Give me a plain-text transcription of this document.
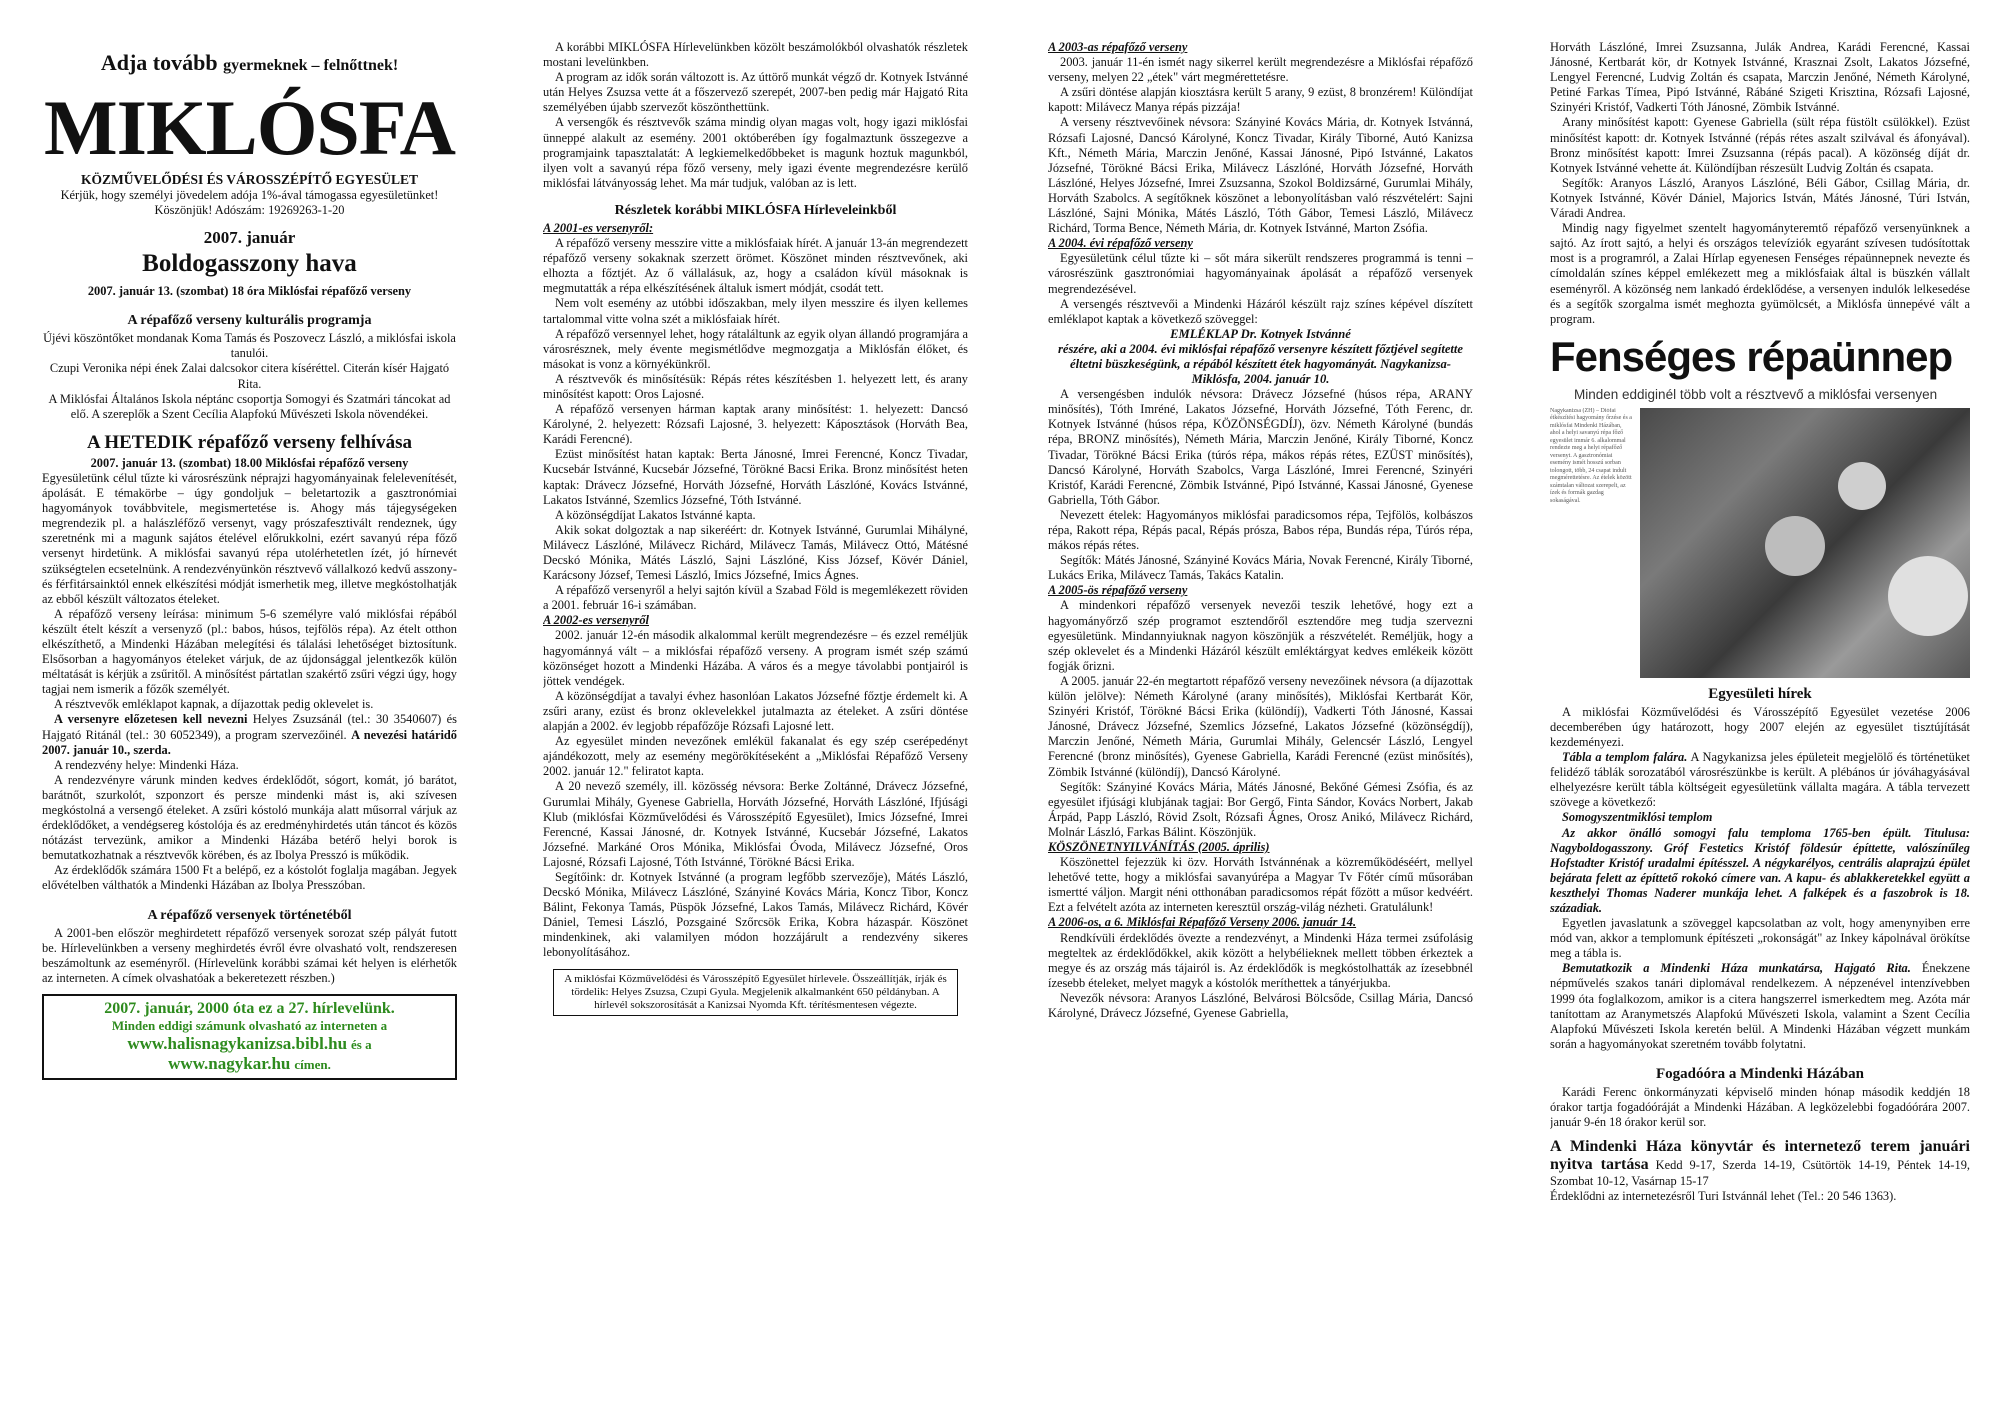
Adja tovább gyermeknek – felnőttnek!
MIKLÓSFA
KÖZMŰVELŐDÉSI ÉS VÁROSSZÉPÍTŐ EGYESÜLET

Kérjük, hogy személyi jövedelem adója 1%-ával támogassa egyesületünket! Köszönjük! Adószám: 19269263-1-20

2007. január
Boldogasszony hava

2007. január 13. (szombat) 18 óra Miklósfai répafőző verseny

A répafőző verseny kulturális programja

Újévi köszöntőket mondanak Koma Tamás és Poszovecz László, a miklósfai iskola tanulói.

Czupi Veronika népi ének Zalai dalcsokor citera kíséréttel. Citerán kísér Hajgató Rita.

A Miklósfai Általános Iskola néptánc csoportja Somogyi és Szatmári táncokat ad elő. A szereplők a Szent Cecília Alapfokú Művészeti Iskola növendékei.

A HETEDIK répafőző verseny felhívása

2007. január 13. (szombat) 18.00 Miklósfai répafőző verseny

Egyesületünk célul tűzte ki városrészünk néprajzi hagyományainak felelevenítését, ápolását. E témakörbe – úgy gondoljuk – beletartozik a gasztronómiai hagyományok továbbvitele, megismertetése is. Ahogy más tájegységeken megrendezik pl. a halászléfőző versenyt, vagy prószafesztivált rendeznek, úgy szeretnénk mi a magunk sajátos ételével előrukkolni, ezért savanyú répa főző versenyt hirdetünk. A miklósfai savanyú répa utolérhetetlen ízét, jó hírnevét szükségtelen ecsetelnünk. A rendezvényünkön résztvevő vállalkozó kedvű asszony- és férfitársainktól ennek elkészítési módját ismerhetik meg, illetve megkóstolhatják az ebből készült változatos ételeket.

A répafőző verseny leírása: minimum 5-6 személyre való miklósfai répából készült ételt készít a versenyző (pl.: babos, húsos, tejfölös répa). Az ételt otthon elkészíthető, a Mindenki Házában melegítési és tálalási lehetőséget biztosítunk. Elsősorban a hagyományos ételeket várjuk, de az újdonsággal jelentkezők külön méltatását is kérjük a zsűritől. A minősítést pártatlan szakértő zsűri végzi úgy, hogy tagjai nem ismerik a főzők személyét.

A résztvevők emléklapot kapnak, a díjazottak pedig oklevelet is.

A versenyre előzetesen kell nevezni Helyes Zsuzsánál (tel.: 30 3540607) és Hajgató Ritánál (tel.: 30 6052349), a program szervezőinél. A nevezési határidő 2007. január 10., szerda.

A rendezvény helye: Mindenki Háza.

A rendezvényre várunk minden kedves érdeklődőt, sógort, komát, jó barátot, barátnőt, szurkolót, szponzort és persze mindenki mást is, aki szívesen megkóstolná a versengő ételeket. A zsűri kóstoló munkája alatt műsorral várjuk az érdeklődőket, a vendégsereg kóstolója és az eredményhirdetés után táncot és közös nótázást tervezünk, amikor a Mindenki Házába betérő helyi borok is bemutatkozhatnak a résztvevők körében, és az Ibolya Presszó is működik.

Az érdeklődők számára 1500 Ft a belépő, ez a kóstolót foglalja magában. Jegyek elővételben válthatók a Mindenki Házában az Ibolya Presszóban.

A répafőző versenyek történetéből

A 2001-ben először meghirdetett répafőző versenyek sorozat szép pályát futott be. Hírlevelünkben a verseny meghirdetés évről évre olvasható volt, rendszeresen beszámoltunk az eseményről. (Hírlevelünk korábbi számai két helyen is elérhetők az interneten. A címek olvashatóak a bekeretezett részben.)

2007. január, 2000 óta ez a 27. hírlevelünk.
Minden eddigi számunk olvasható az interneten a
www.halisnagykanizsa.bibl.hu és a
www.nagykar.hu címen.

A korábbi MIKLÓSFA Hírlevelünkben közölt beszámolókból olvashatók részletek mostani levelünkben.

A program az idők során változott is. Az úttörő munkát végző dr. Kotnyek Istvánné után Helyes Zsuzsa vette át a főszervező szerepét, 2007-ben pedig már Hajgató Rita személyében újabb szervezőt köszönthettünk.

A versengők és résztvevők száma mindig olyan magas volt, hogy igazi miklósfai ünneppé alakult az esemény. 2001 októberében így fogalmaztunk összegezve a programjaink tapasztalatát: A legkiemelkedőbbeket is magunk hoztuk magunkból, ilyen volt a savanyú répa főző verseny, mely igazi évente megrendezésre kerülő miklósfai látványosság lehet. Ma már tudjuk, valóban az is lett.

Részletek korábbi MIKLÓSFA Hírleveleinkből
A 2001-es versenyről:

A répafőző verseny messzire vitte a miklósfaiak hírét. A január 13-án megrendezett répafőző verseny sokaknak szerzett örömet. Köszönet minden résztvevőnek, aki elhozta a főztjét. Az ő vállalásuk, az, hogy a családon kívül másoknak is megmutatták a répa elkészítésének általuk ismert módját, csodát tett.

Nem volt esemény az utóbbi időszakban, mely ilyen messzire és ilyen kellemes tartalommal vitte volna szét a miklósfaiak hírét.

A répafőző versennyel lehet, hogy rátaláltunk az egyik olyan állandó programjára a városrésznek, mely évente megismétlődve megmozgatja a Miklósfán élőket, és másokat is vonz a környékünkről.

A résztvevők és minősítésük: Répás rétes készítésben 1. helyezett lett, és arany minősítést kapott: Oros Lajosné.

A répafőző versenyen hárman kaptak arany minősítést: 1. helyezett: Dancsó Károlyné, 2. helyezett: Rózsafi Lajosné, 3. helyezett: Káposztások (Horváth Bea, Karádi Ferencné).

Ezüst minősítést hatan kaptak: Berta Jánosné, Imrei Ferencné, Koncz Tivadar, Kucsebár Istvánné, Kucsebár Józsefné, Törökné Bacsi Erika. Bronz minősítést heten kaptak: Drávecz Józsefné, Horváth Józsefné, Horváth Lászlóné, Kovács Istvánné, Lakatos Istvánné, Szemlics Józsefné, Tóth Istvánné.

A közönségdíjat Lakatos Istvánné kapta.

Akik sokat dolgoztak a nap sikeréért: dr. Kotnyek Istvánné, Gurumlai Mihályné, Milávecz Lászlóné, Milávecz Richárd, Milávecz Tamás, Milávecz Ottó, Mátésné Decskó Mónika, Mátés László, Sajni Lászlóné, Kiss József, Kövér Dániel, Karácsony József, Temesi László, Imics Józsefné, Imics Ágnes.

A répafőző versenyről a helyi sajtón kívül a Szabad Föld is megemlékezett röviden a 2001. február 16-i számában.

A 2002-es versenyről

2002. január 12-én második alkalommal került megrendezésre – és ezzel reméljük hagyománnyá vált – a miklósfai répafőző verseny. A program ismét szép számú közönséget hozott a Mindenki Házába. A város és a megye távolabbi pontjairól is jöttek vendégek.

A közönségdíjat a tavalyi évhez hasonlóan Lakatos Józsefné főztje érdemelt ki. A zsűri arany, ezüst és bronz oklevelekkel jutalmazta az ételeket. A zsűri döntése alapján a 2002. év legjobb répafőzője Rózsafi Lajosné lett.

Az egyesület minden nevezőnek emlékül fakanalat és egy szép cserépedényt ajándékozott, mely az esemény megörökítéseként a „Miklósfai Répafőző Verseny 2002. január 12." feliratot kapta.

A 20 nevező személy, ill. közösség névsora: Berke Zoltánné, Drávecz Józsefné, Gurumlai Mihály, Gyenese Gabriella, Horváth Józsefné, Horváth Lászlóné, Ifjúsági Klub (miklósfai Közművelődési és Városszépítő Egyesület), Imics Józsefné, Imrei Ferencné, Kassai Jánosné, dr. Kotnyek Istvánné, Kucsebár Józsefné, Lakatos Józsefné. Markáné Oros Mónika, Miklósfai Óvoda, Milávecz Józsefné, Oros Lajosné, Rózsafi Lajosné, Tóth Istvánné, Törökné Bácsi Erika.

Segítőink: dr. Kotnyek Istvánné (a program legfőbb szervezője), Mátés László, Decskó Mónika, Milávecz Lászlóné, Szányiné Kovács Mária, Koncz Tibor, Koncz Bálint, Fekonya Tamás, Püspök Józsefné, Lakos Tamás, Milávecz Richárd, Kövér Dániel, Temesi László, Pozsgainé Szőrcsök Erika, Kobra házaspár. Köszönet mindenkinek, aki valamilyen módon hozzájárult a rendezvény sikeres lebonyolításához.

A miklósfai Közművelődési és Városszépítő Egyesület hírlevele. Összeállítják, írják és tördelik: Helyes Zsuzsa, Czupi Gyula. Megjelenik alkalmanként 650 példányban. A hírlevél sokszorosítását a Kanizsai Nyomda Kft. térítésmentesen végezte.
A 2003-as répafőző verseny

2003. január 11-én ismét nagy sikerrel került megrendezésre a Miklósfai répafőző verseny, melyen 22 „étek" várt megmérettetésre.

A zsűri döntése alapján kiosztásra került 5 arany, 9 ezüst, 8 bronzérem! Különdíjat kapott: Milávecz Manya répás pizzája!

A verseny résztvevőinek névsora: Szányiné Kovács Mária, dr. Kotnyek Istvánná, Rózsafi Lajosné, Dancsó Károlyné, Koncz Tivadar, Király Tiborné, Autó Kanizsa Kft., Németh Mária, Marczin Jenőné, Kassai Jánosné, Pipó Istvánné, Lakatos Józsefné, Törökné Bácsi Erika, Milávecz Lászlóné, Horváth Józsefné, Horváth Lászlóné, Helyes Józsefné, Imrei Zsuzsanna, Szokol Boldizsárné, Gurumlai Mihály, Horváth Szabolcs. A segítőknek köszönet a lebonyolításban való részvételért: Sajni Lászlóné, Sajni Mónika, Mátés László, Tóth Gábor, Temesi László, Milávecz Richárd, Torma Bence, Németh Mária, dr. Kotnyek Istvánné, Marton Zsófia.

A 2004. évi répafőző verseny

Egyesületünk célul tűzte ki – sőt mára sikerült rendszeres programmá is tenni – városrészünk gasztronómiai hagyományainak ápolását a répafőző versenyek megrendezésével.

A versengés résztvevői a Mindenki Házáról készült rajz színes képével díszített emléklapot kaptak a következő szöveggel:

EMLÉKLAP Dr. Kotnyek Istvánné
részére, aki a 2004. évi miklósfai répafőző versenyre készített főztjével segítette éltetni büszkeségünk, a répából készített étek hagyományát. Nagykanizsa-Miklósfa, 2004. január 10.

A versengésben indulók névsora: Drávecz Józsefné (húsos répa, ARANY minősítés), Tóth Imréné, Lakatos Józsefné, Horváth Józsefné, Tóth Ferenc, dr. Kotnyek Istvánné (húsos répa, KÖZÖNSÉGDÍJ), özv. Németh Károlyné (bundás répa, BRONZ minősítés), Németh Mária, Marczin Jenőné, Király Tiborné, Koncz Tivadar, Törökné Bácsi Erika (túrós répa, mákos répás rétes, EZÜST minősítés), Dancsó Károlyné, Horváth Szabolcs, Varga Lászlóné, Imrei Ferencné, Szinyéri Kristóf, Karádi Ferencné, Zömbik Istvánné, Pipó Istvánné, Kassai Jánosné, Gyenese Gabriella, Tóth Gábor.

Nevezett ételek: Hagyományos miklósfai paradicsomos répa, Tejfölös, kolbászos répa, Rakott répa, Répás pacal, Répás prósza, Babos répa, Bundás répa, Túrós répa, mákos répás rétes.

Segítők: Mátés Jánosné, Szányiné Kovács Mária, Novak Ferencné, Király Tiborné, Lukács Erika, Milávecz Tamás, Takács Katalin.

A 2005-ös répafőző verseny

A mindenkori répafőző versenyek nevezői teszik lehetővé, hogy ezt a hagyományőrző szép programot esztendőről esztendőre meg tudja szervezni egyesületünk. Mindannyiuknak nagyon köszönjük a részvételét. Reméljük, hogy a szép oklevelet és a Mindenki Házáról készült emléktárgyat kedves emlékeik között fogják őrizni.

A 2005. január 22-én megtartott répafőző verseny nevezőinek névsora (a díjazottak külön jelölve): Németh Károlyné (arany minősítés), Miklósfai Kertbarát Kör, Szinyéri Kristóf, Törökné Bácsi Erika (különdíj), Vadkerti Tóth Jánosné, Kassai Jánosné, Drávecz Józsefné, Szemlics Józsefné, Lakatos Józsefné (közönségdíj), Marczin Jenőné, Németh Mária, Gurumlai Mihály, Gelencsér László, Lengyel Ferencné (bronz minősítés), Gyenese Gabriella, Karádi Ferencné (ezüst minősítés), Zömbik Istvánné (különdíj), Dancsó Károlyné.

Segítők: Szányiné Kovács Mária, Mátés Jánosné, Bekőné Gémesi Zsófia, és az egyesület ifjúsági klubjának tagjai: Bor Gergő, Finta Sándor, Kovács Norbert, Jakab Árpád, Papp László, Rövid Zsolt, Rózsafi Ágnes, Orosz Anikó, Milávecz Richárd, Molnár László, Farkas Bálint. Köszönjük.

KÖSZÖNETNYILVÁNÍTÁS (2005. április)

Köszönettel fejezzük ki özv. Horváth Istvánnénak a közreműködéséért, mellyel lehetővé tette, hogy a miklósfai savanyúrépa a Magyar Tv Főtér című műsorában ismertté váljon. Margit néni otthonában paradicsomos répát főzött a műsor kedvéért. Ezt a felvételt azóta az interneten keresztül ország-világ nézheti. Gratulálunk!

A 2006-os, a 6. Miklósfai Répafőző Verseny 2006. január 14.

Rendkívüli érdeklődés övezte a rendezvényt, a Mindenki Háza termei zsúfolásig megteltek az érdeklődőkkel, akik között a helybélieknek mellett többen érkeztek a megye és az ország más tájairól is. Az érdeklődők is megkóstolhatták az ízesebbnél ízesebb ételeket, melyet magyk a kóstolók meríthettek a tányérjukba.

Nevezők névsora: Aranyos Lászlóné, Belvárosi Bölcsőde, Csillag Mária, Dancsó Károlyné, Drávecz Józsefné, Gyenese Gabriella,

Horváth Lászlóné, Imrei Zsuzsanna, Julák Andrea, Karádi Ferencné, Kassai Jánosné, Kertbarát kör, dr Kotnyek Istvánné, Krasznai Zsolt, Lakatos Józsefné, Lengyel Ferencné, Ludvig Zoltán és csapata, Marczin Jenőné, Németh Károlyné, Petiné Farkas Tímea, Pipó Istvánné, Rábáné Szigeti Krisztina, Rózsafi Lajosné, Szinyéri Kristóf, Vadkerti Tóth Jánosné, Zömbik Istvánné.

Arany minősítést kapott: Gyenese Gabriella (sült répa füstölt csülökkel). Ezüst minősítést kapott: dr. Kotnyek Istvánné (répás rétes aszalt szilvával és áfonyával). Bronz minősítést kapott: Imrei Zsuzsanna (répás pacal). A közönség díját dr. Kotnyek Istvánné vehette át. Különdíjban részesült Ludvig Zoltán és csapata.

Segítők: Aranyos László, Aranyos Lászlóné, Béli Gábor, Csillag Mária, dr. Kotnyek Istvánné, Kövér Dániel, Majorics István, Mátés Jánosné, Túri István, Váradi Andrea.

Mindig nagy figyelmet szentelt hagyományteremtő répafőző versenyünknek a sajtó. Az írott sajtó, a helyi és országos televíziók egyaránt szívesen tudósítottak most is a programról, a Zalai Hírlap egyenesen Fenséges répaünnepnek nevezte és címoldalán színes képpel emlékezett meg a miklósfaiak által is büszkén vállalt eseményről. A közönség nem lankadó érdeklődése, a versenyen indulók lelkesedése és a segítők szorgalma ismét meghozta gyümölcsét, a Miklósfa ünnepévé vált a program.

Fenséges répaünnep
Minden eddiginél több volt a résztvevő a miklósfai versenyen
Nagykanizsa (ZH) – Diófai étkészítési hagyomány őrzése és a miklósfai Mindenki Házában, ahol a helyi savanyú répa főző egyesület immár 6. alkalommal rendezte meg a helyi répafőző versenyt. A gasztronómiai esemény ismét hosszú sorban tolongott, több, 24 csapat indult megmérettetésre. Az ételek között számtalan változat szerepelt, az ízek és formák gazdag sokaságával.
Egyesületi hírek

A miklósfai Közművelődési és Városszépítő Egyesület vezetése 2006 decemberében úgy határozott, hogy 2007 elején az egyesület tisztújítását kezdeményezi.

Tábla a templom falára. A Nagykanizsa jeles épületeit megjelölő és történetüket felidéző táblák sorozatából városrészünkbe is került. A plébános úr jóváhagyásával elhelyezésre került tábla költségeit egyesületünk vállalta magára. A tábla tervezett szövege a következő:

Somogyszentmiklósi templom

Az akkor önálló somogyi falu temploma 1765-ben épült. Titulusa: Nagyboldogasszony. Gróf Festetics Kristóf földesúr építtette, valószínűleg Hofstadter Kristóf uradalmi építésszel. A négykarélyos, centrális alaprajzú épület bejárata felett az építtető rokokó címere van. A kapu- és ablakkeretekkel együtt a keszthelyi Thomas Naderer munkája lehet. A falképek és a faszobrok is 18. századiak.

Egyetlen javaslatunk a szöveggel kapcsolatban az volt, hogy amenynyiben erre mód van, akkor a templomunk építészeti „rokonságát" az Inkey kápolnával örökítse meg a tábla is.

Bemutatkozik a Mindenki Háza munkatársa, Hajgató Rita. Énekzene népművelés szakos tanári diplomával rendelkezem. A népzenével intenzívebben 1999 óta foglalkozom, amikor is a citera hangszerrel ismerkedtem meg. Azóta már tanítottam az Aranymetszés Alapfokú Művészeti Iskola, valamint a Szent Cecília Alapfokú Művészeti Iskola keretén belül. A Mindenki Házában végzett munkám során a hagyományokat szeretném tovább folytatni.

Fogadóóra a Mindenki Házában

Karádi Ferenc önkormányzati képviselő minden hónap második keddjén 18 órakor tartja fogadóóráját a Mindenki Házában. A legközelebbi fogadóórára 2007. január 9-én 18 órakor kerül sor.

A Mindenki Háza könyvtár és internetező terem januári nyitva tartása Kedd 9-17, Szerda 14-19, Csütörtök 14-19, Péntek 14-19, Szombat 10-12, Vasárnap 15-17

Érdeklődni az internetezésről Turi Istvánnál lehet (Tel.: 20 546 1363).
